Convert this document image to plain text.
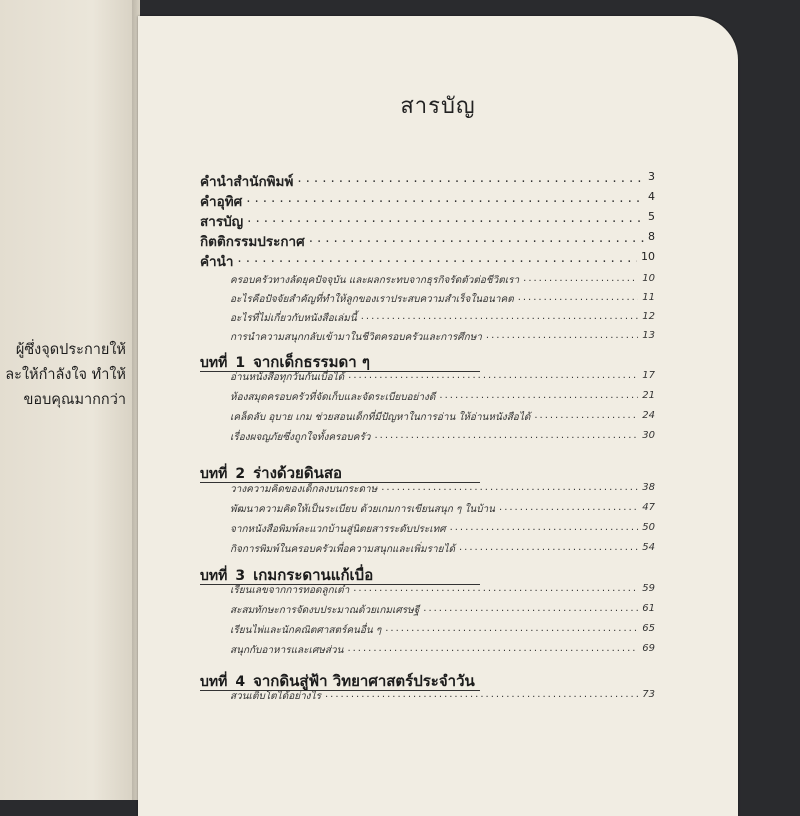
ผู้ซึ่งจุดประกายให้
ละให้กำลังใจ ทำให้
ขอบคุณมากกว่า
สารบัญ
คำนำสำนักพิมพ์ .....	3
คำอุทิศ .....	4
สารบัญ .....	5
กิตติกรรมประกาศ .....	8
คำนำ .....	10
ครอบครัวทางลัดยุคปัจจุบัน และผลกระทบจากธุรกิจรัดตัวต่อชีวิตเรา .....	10
อะไรคือปัจจัยสำคัญที่ทำให้ลูกของเราประสบความสำเร็จในอนาคต .....	11
อะไรที่ไม่เกี่ยวกับหนังสือเล่มนี้ .....	12
การนำความสนุกกลับเข้ามาในชีวิตครอบครัวและการศึกษา .....	13
บทที่ 1 จากเด็กธรรมดา ๆ
อ่านหนังสือทุกวันกันเบื่อได้ .....	17
ห้องสมุดครอบครัวที่จัดเก็บและจัดระเบียบอย่างดี .....	21
เคล็ดลับ อุบาย เกม ช่วยสอนเด็กที่มีปัญหาในการอ่าน ให้อ่านหนังสือได้ .....	24
เรื่องผจญภัยซึ่งถูกใจทั้งครอบครัว .....	30
บทที่ 2 ร่างด้วยดินสอ
วางความคิดของเด็กลงบนกระดาษ .....	38
พัฒนาความคิดให้เป็นระเบียบ ด้วยเกมการเขียนสนุก ๆ ในบ้าน .....	47
จากหนังสือพิมพ์ละแวกบ้านสู่นิตยสารระดับประเทศ .....	50
กิจการพิมพ์ในครอบครัวเพื่อความสนุกและเพิ่มรายได้ .....	54
บทที่ 3 เกมกระดานแก้เบื่อ
เรียนเลขจากการทอดลูกเต๋า .....	59
สะสมทักษะการจัดงบประมาณด้วยเกมเศรษฐี .....	61
เรียนไพ่และนักคณิตศาสตร์คนอื่น ๆ .....	65
สนุกกับอาหารและเศษส่วน .....	69
บทที่ 4 จากดินสู่ฟ้า วิทยาศาสตร์ประจำวัน
สวนเติบโตได้อย่างไร .....	73
